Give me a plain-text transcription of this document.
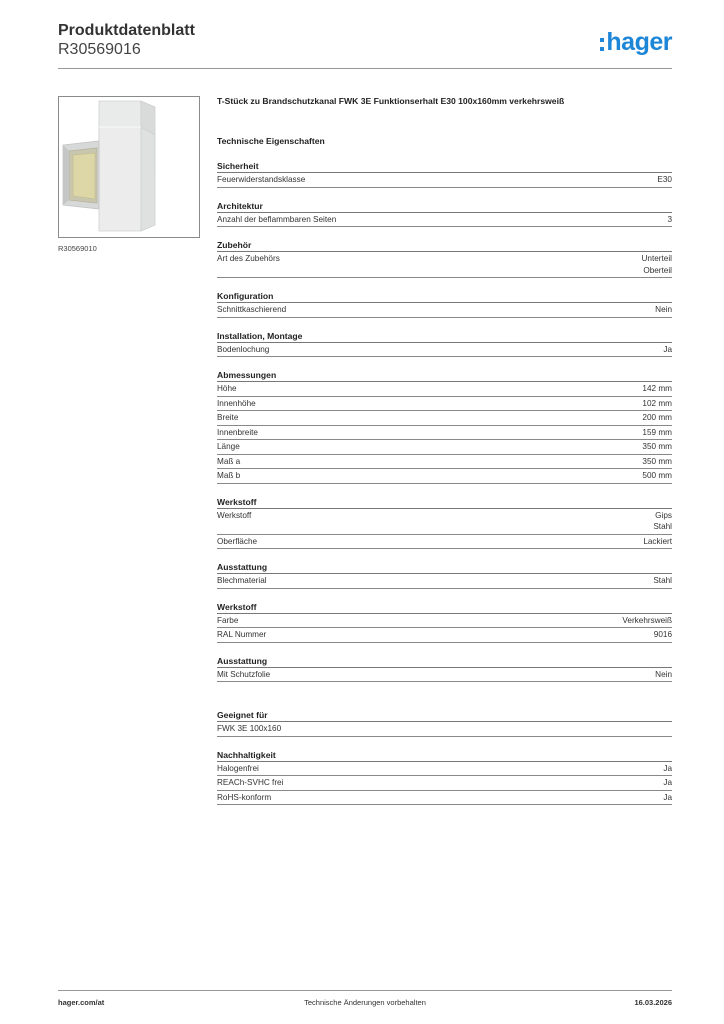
Produktdatenblatt
R30569016	hager
R30569010
T-Stück zu Brandschutzkanal FWK 3E Funktionserhalt E30 100x160mm verkehrsweiß
Technische Eigenschaften
Sicherheit
Feuerwiderstandsklasse	E30
Architektur
Anzahl der beflammbaren Seiten	3
Zubehör
Art des Zubehörs	Unterteil
Oberteil
Konfiguration
Schnittkaschierend	Nein
Installation, Montage
Bodenlochung	Ja
Abmessungen
Höhe	142 mm
Innenhöhe	102 mm
Breite	200 mm
Innenbreite	159 mm
Länge	350 mm
Maß a	350 mm
Maß b	500 mm
Werkstoff
Werkstoff	Gips
Stahl
Oberfläche	Lackiert
Ausstattung
Blechmaterial	Stahl
Werkstoff
Farbe	Verkehrsweiß
RAL Nummer	9016
Ausstattung
Mit Schutzfolie	Nein
Geeignet für
FWK 3E 100x160
Nachhaltigkeit
Halogenfrei	Ja
REACh-SVHC frei	Ja
RoHS-konform	Ja
hager.com/at	Technische Änderungen vorbehalten	16.03.2026
